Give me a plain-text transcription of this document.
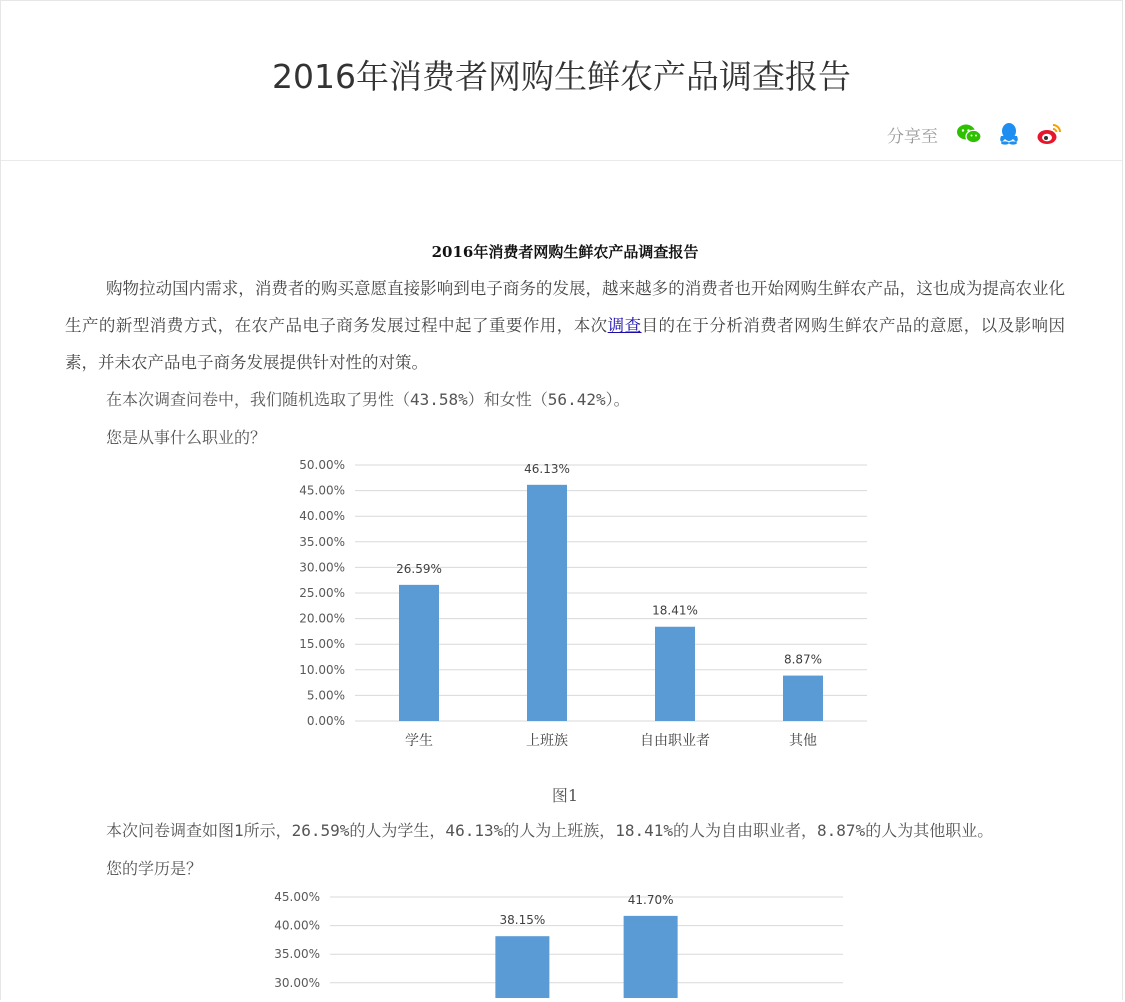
2016年消费者网购生鲜农产品调查报告
分享至
2016年消费者网购生鲜农产品调查报告

购物拉动国内需求，消费者的购买意愿直接影响到电子商务的发展，越来越多的消费者也开始网购生鲜农产品，这也成为提高农业化生产的新型消费方式，在农产品电子商务发展过程中起了重要作用，本次调查目的在于分析消费者网购生鲜农产品的意愿，以及影响因素，并未农产品电子商务发展提供针对性的对策。

在本次调查问卷中，我们随机选取了男性（43.58%）和女性（56.42%）。

您是从事什么职业的？

0.00%
5.00%
10.00%
15.00%
20.00%
25.00%
30.00%
35.00%
40.00%
45.00%
50.00%
26.59%
学生
46.13%
上班族
18.41%
自由职业者
8.87%
其他
图1

本次问卷调查如图1所示，26.59%的人为学生，46.13%的人为上班族，18.41%的人为自由职业者，8.87%的人为其他职业。

您的学历是？

30.00%
35.00%
40.00%
45.00%
38.15%
41.70%
